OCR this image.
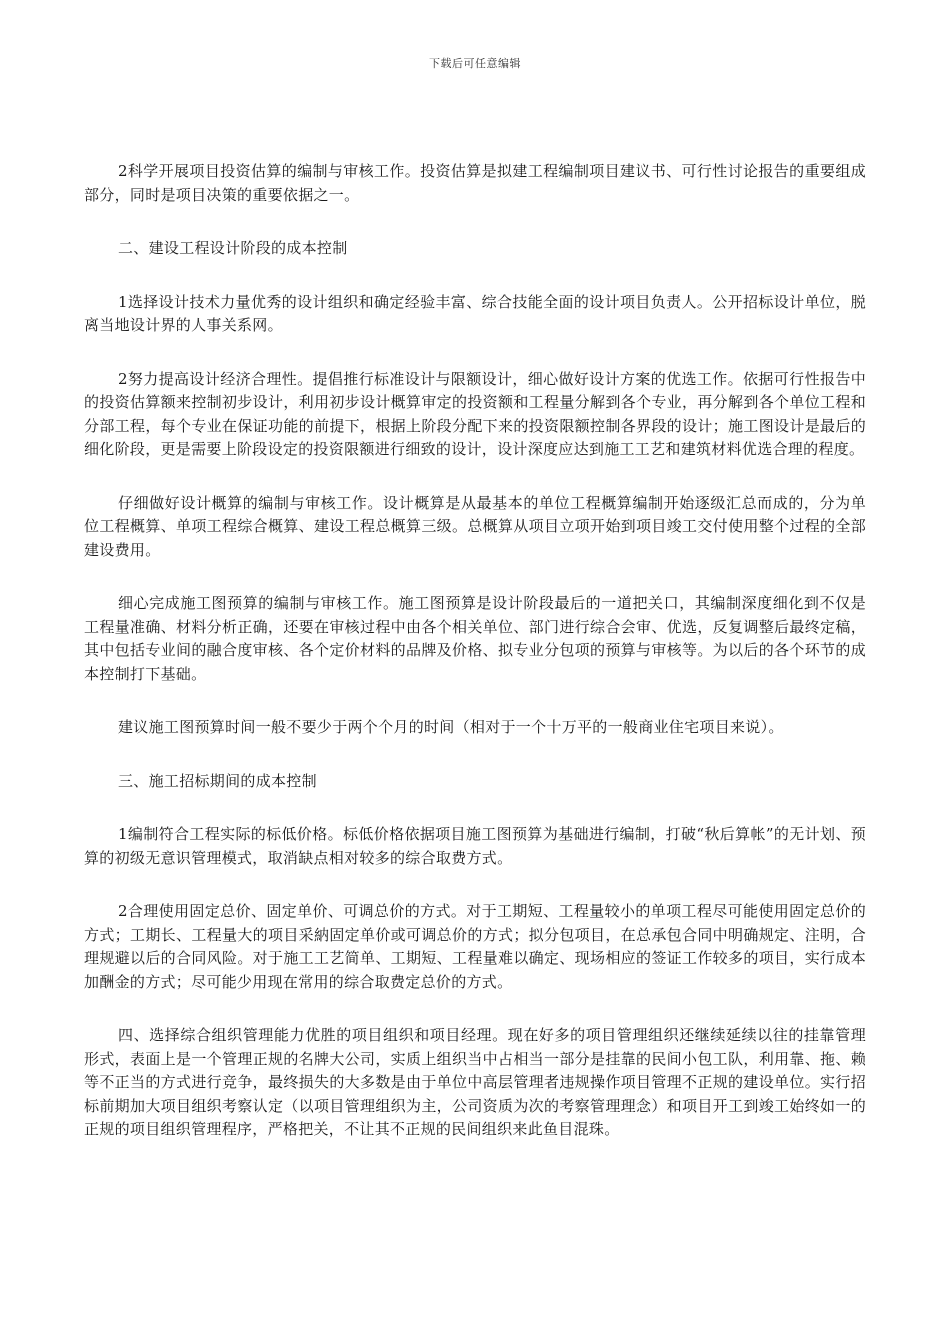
下载后可任意编辑

2科学开展项目投资估算的编制与审核工作。投资估算是拟建工程编制项目建议书、可行性讨论报告的重要组成部分，同时是项目决策的重要依据之一。

二、建设工程设计阶段的成本控制

1选择设计技术力量优秀的设计组织和确定经验丰富、综合技能全面的设计项目负责人。公开招标设计单位，脱离当地设计界的人事关系网。

2努力提高设计经济合理性。提倡推行标准设计与限额设计，细心做好设计方案的优选工作。依据可行性报告中的投资估算额来控制初步设计，利用初步设计概算审定的投资额和工程量分解到各个专业，再分解到各个单位工程和分部工程，每个专业在保证功能的前提下，根据上阶段分配下来的投资限额控制各界段的设计；施工图设计是最后的细化阶段，更是需要上阶段设定的投资限额进行细致的设计，设计深度应达到施工工艺和建筑材料优选合理的程度。

仔细做好设计概算的编制与审核工作。设计概算是从最基本的单位工程概算编制开始逐级汇总而成的，分为单位工程概算、单项工程综合概算、建设工程总概算三级。总概算从项目立项开始到项目竣工交付使用整个过程的全部建设费用。

细心完成施工图预算的编制与审核工作。施工图预算是设计阶段最后的一道把关口，其编制深度细化到不仅是工程量准确、材料分析正确，还要在审核过程中由各个相关单位、部门进行综合会审、优选，反复调整后最终定稿，其中包括专业间的融合度审核、各个定价材料的品牌及价格、拟专业分包项的预算与审核等。为以后的各个环节的成本控制打下基础。

建议施工图预算时间一般不要少于两个个月的时间（相对于一个十万平的一般商业住宅项目来说）。

三、施工招标期间的成本控制

1编制符合工程实际的标低价格。标低价格依据项目施工图预算为基础进行编制，打破“秋后算帐”的无计划、预算的初级无意识管理模式，取消缺点相对较多的综合取费方式。

2合理使用固定总价、固定单价、可调总价的方式。对于工期短、工程量较小的单项工程尽可能使用固定总价的方式；工期长、工程量大的项目采納固定单价或可调总价的方式；拟分包项目，在总承包合同中明确规定、注明，合理规避以后的合同风险。对于施工工艺简单、工期短、工程量难以确定、现场相应的签证工作较多的项目，实行成本加酬金的方式；尽可能少用现在常用的综合取费定总价的方式。

四、选择综合组织管理能力优胜的项目组织和项目经理。现在好多的项目管理组织还继续延续以往的挂靠管理形式，表面上是一个管理正规的名牌大公司，实质上组织当中占相当一部分是挂靠的民间小包工队，利用靠、拖、赖等不正当的方式进行竞争，最终损失的大多数是由于单位中高层管理者违规操作项目管理不正规的建设单位。实行招标前期加大项目组织考察认定（以项目管理组织为主，公司资质为次的考察管理理念）和项目开工到竣工始终如一的正规的项目组织管理程序，严格把关，不让其不正规的民间组织来此鱼目混珠。
